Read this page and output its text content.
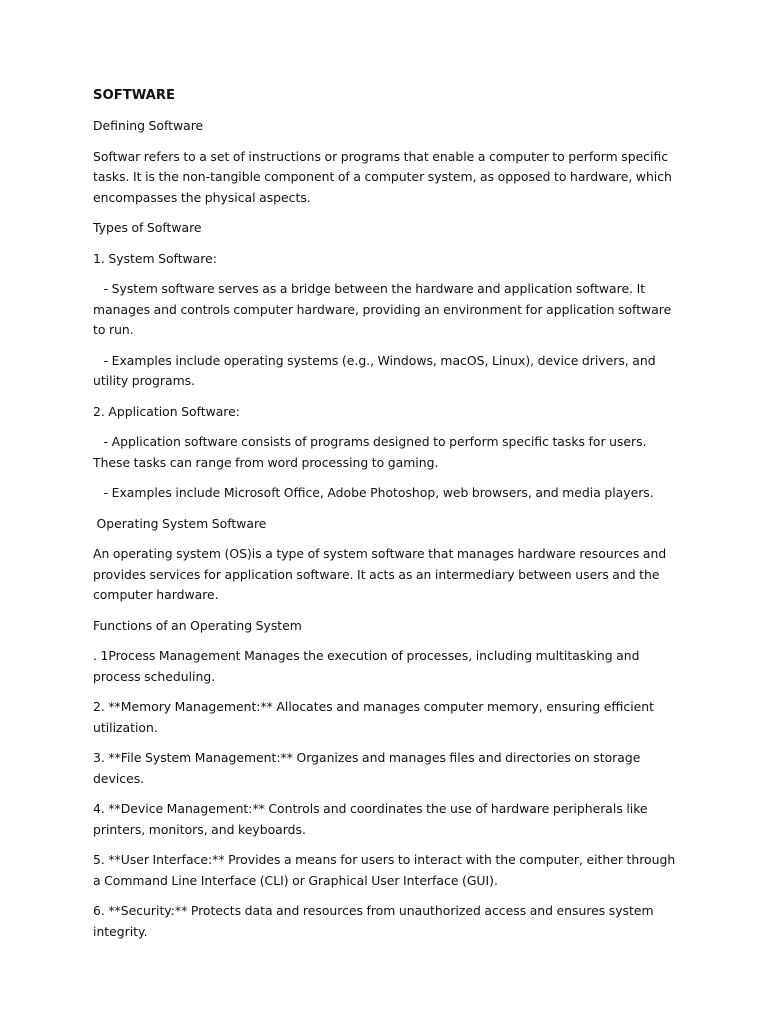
SOFTWARE

Defining Software

Softwar refers to a set of instructions or programs that enable a computer to perform specific tasks. It is the non-tangible component of a computer system, as opposed to hardware, which encompasses the physical aspects.

Types of Software

1. System Software:

- System software serves as a bridge between the hardware and application software. It manages and controls computer hardware, providing an environment for application software to run.

- Examples include operating systems (e.g., Windows, macOS, Linux), device drivers, and utility programs.

2. Application Software:

- Application software consists of programs designed to perform specific tasks for users. These tasks can range from word processing to gaming.

- Examples include Microsoft Office, Adobe Photoshop, web browsers, and media players.

Operating System Software

An operating system (OS)is a type of system software that manages hardware resources and provides services for application software. It acts as an intermediary between users and the computer hardware.

Functions of an Operating System

. 1Process Management Manages the execution of processes, including multitasking and process scheduling.

2. **Memory Management:** Allocates and manages computer memory, ensuring efficient utilization.

3. **File System Management:** Organizes and manages files and directories on storage devices.

4. **Device Management:** Controls and coordinates the use of hardware peripherals like printers, monitors, and keyboards.

5. **User Interface:** Provides a means for users to interact with the computer, either through a Command Line Interface (CLI) or Graphical User Interface (GUI).

6. **Security:** Protects data and resources from unauthorized access and ensures system integrity.
